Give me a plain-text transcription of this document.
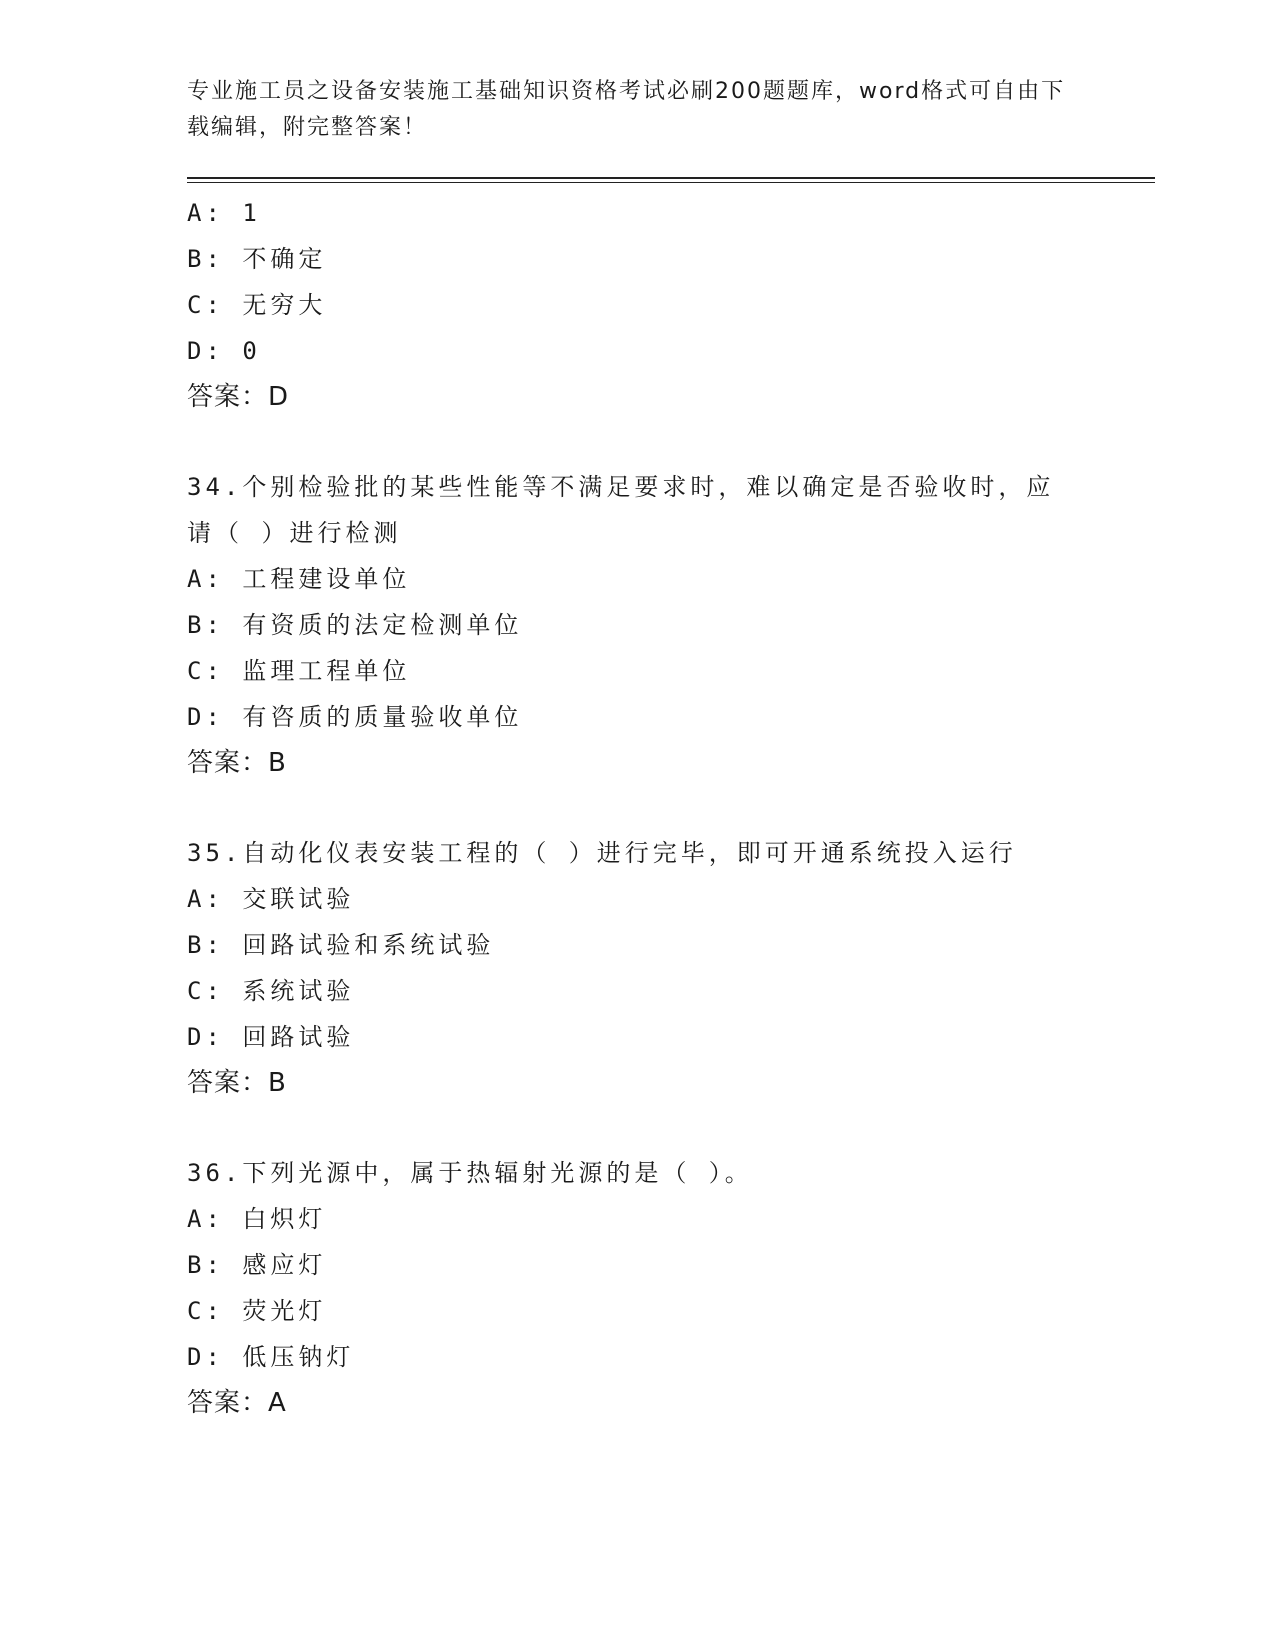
专业施工员之设备安装施工基础知识资格考试必刷200题题库，word格式可自由下载编辑，附完整答案！
A: 1
B: 不确定
C: 无穷大
D: 0
答案：D
34.个别检验批的某些性能等不满足要求时，难以确定是否验收时，应请（ ）进行检测
A: 工程建设单位
B: 有资质的法定检测单位
C: 监理工程单位
D: 有咨质的质量验收单位
答案：B
35.自动化仪表安装工程的（ ）进行完毕，即可开通系统投入运行
A: 交联试验
B: 回路试验和系统试验
C: 系统试验
D: 回路试验
答案：B
36.下列光源中，属于热辐射光源的是（ ）。
A: 白炽灯
B: 感应灯
C: 荧光灯
D: 低压钠灯
答案：A
